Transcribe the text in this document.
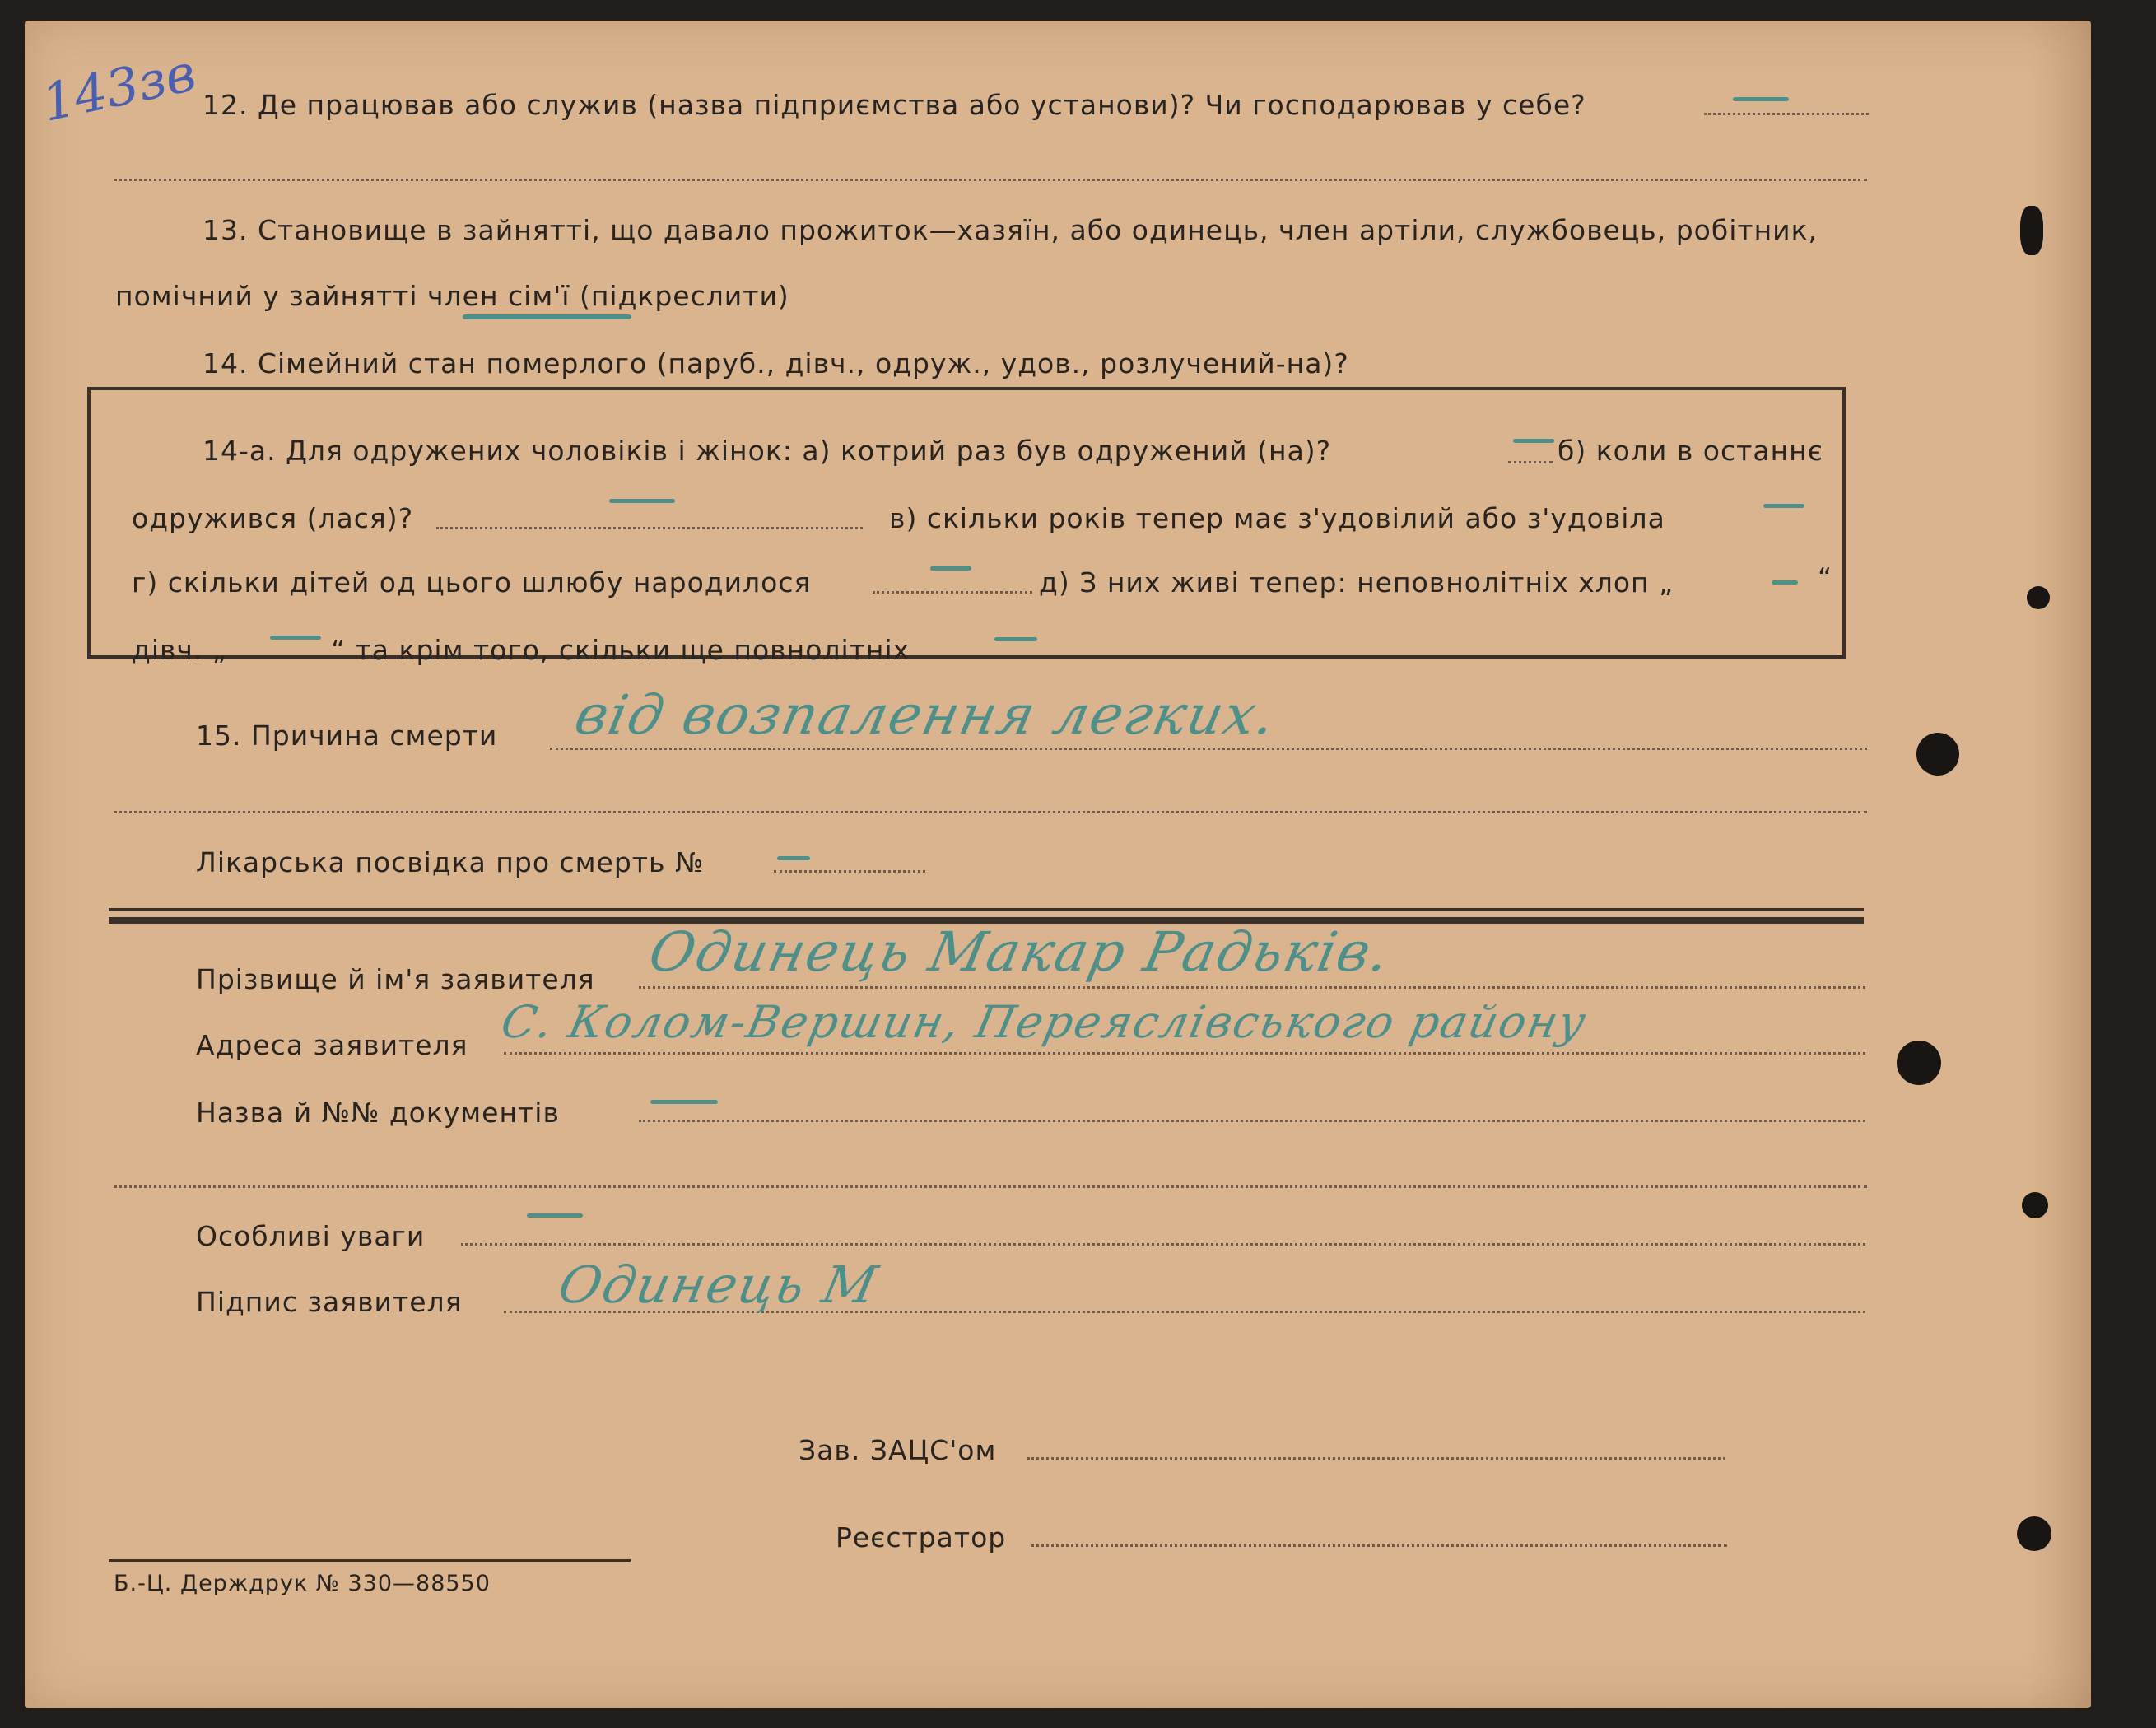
143зв 12. Де працював або служив (назва підприємства або установи)? Чи господарював у себе?
13. Становище в зайнятті, що давало прожиток—хазяїн, або одинець, член артіли, службовець, робітник,
помічний у зайнятті член сім'ї (підкреслити)
14. Сімейний стан померлого (паруб., дівч., одруж., удов., розлучений-на)?
14-а. Для одружених чоловіків і жінок: а) котрий раз був одружений (на)?	б) коли в останнє
одружився (лася)?	в) скільки років тепер має з'удовілий або з'удовіла
г) скільки дітей од цього шлюбу народилося	д) З них живі тепер: неповнолітніх хлоп „	“
дівч. „	“ та крім того, скільки ще повнолітніх
15. Причина смерти від возпалення легких.
Лікарська посвідка про смерть №
Прізвище й ім'я заявителя Одинець Макар Радьків.
Адреса заявителя С. Колом-Вершин, Переяслівського району
Назва й №№ документів
Особливі уваги
Підпис заявителя Одинець М
Зав. ЗАЦС'ом
Реєстратор
Б.-Ц. Держдрук № 330—88550
